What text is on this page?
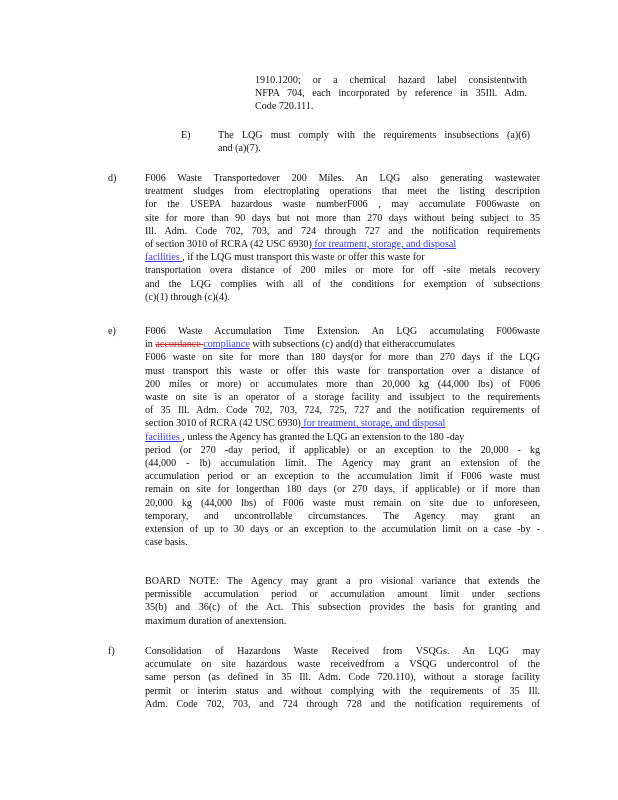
1910.1200; or a chemical hazard label consistentwith
NFPA 704, each incorporated by reference in 35Ill. Adm.
Code 720.111.
E)	The LQG must comply with the requirements insubsections (a)(6)
and (a)(7).
d)	F006 Waste Transportedover 200 Miles. An LQG also generating wastewater
treatment sludges from electroplating operations that meet the listing description
for the USEPA hazardous waste numberF006 , may accumulate F006waste on
site for more than 90 days but not more than 270 days without being subject to 35
Ill. Adm. Code 702, 703, and 724 through 727 and the notification requirements
of section 3010 of RCRA (42 USC 6930) for treatment, storage, and disposal
facilities , if the LQG must transport this waste or offer this waste for
transportation overa distance of 200 miles or more for off -site metals recovery
and the LQG complies with all of the conditions for exemption of subsections
(c)(1) through (c)(4).
e)	F006 Waste Accumulation Time Extension. An LQG accumulating F006waste
in accordance compliance with subsections (c) and(d) that eitheraccumulates
F006 waste on site for more than 180 days(or for more than 270 days if the LQG
must transport this waste or offer this waste for transportation over a distance of
200 miles or more) or accumulates more than 20,000 kg (44,000 lbs) of F006
waste on site is an operator of a storage facility and issubject to the requirements
of 35 Ill. Adm. Code 702, 703, 724, 725, 727 and the notification requirements of
section 3010 of RCRA (42 USC 6930) for treatment, storage, and disposal
facilities , unless the Agency has granted the LQG an extension to the 180 -day
period (or 270 -day period, if applicable) or an exception to the 20,000 - kg
(44,000 - lb) accumulation limit. The Agency may grant an extension of the
accumulation period or an exception to the accumulation limit if F006 waste must
remain on site for longerthan 180 days (or 270 days, if applicable) or if more than
20,000 kg (44,000 lbs) of F006 waste must remain on site due to unforeseen,
temporary, and uncontrollable circumstances. The Agency may grant an
extension of up to 30 days or an exception to the accumulation limit on a case -by -
case basis.
BOARD NOTE: The Agency may grant a pro visional variance that extends the
permissible accumulation period or accumulation amount limit under sections
35(b) and 36(c) of the Act. This subsection provides the basis for granting and
maximum duration of anextension.
f)	Consolidation of Hazardous Waste Received from VSQGs. An LQG may
accumulate on site hazardous waste receivedfrom a VSQG undercontrol of the
same person (as defined in 35 Ill. Adm. Code 720.110), without a storage facility
permit or interim status and without complying with the requirements of 35 Ill.
Adm. Code 702, 703, and 724 through 728 and the notification requirements of
